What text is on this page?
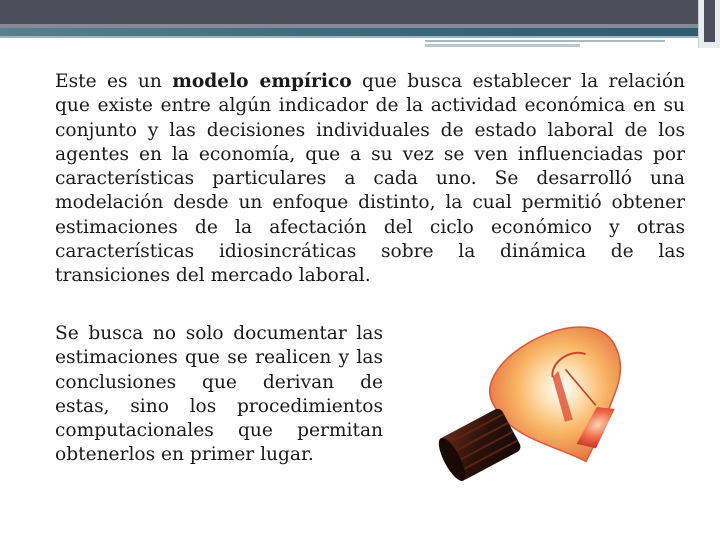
Este es un modelo empírico que busca establecer la relación que existe entre algún indicador de la actividad económica en su conjunto y las decisiones individuales de estado laboral de los agentes en la economía, que a su vez se ven influenciadas por características particulares a cada uno. Se desarrolló una modelación desde un enfoque distinto, la cual permitió obtener estimaciones de la afectación del ciclo económico y otras características idiosincráticas sobre la dinámica de las transiciones del mercado laboral.

Se busca no solo documentar las estimaciones que se realicen y las conclusiones que derivan de estas, sino los procedimientos computacionales que permitan obtenerlos en primer lugar.
